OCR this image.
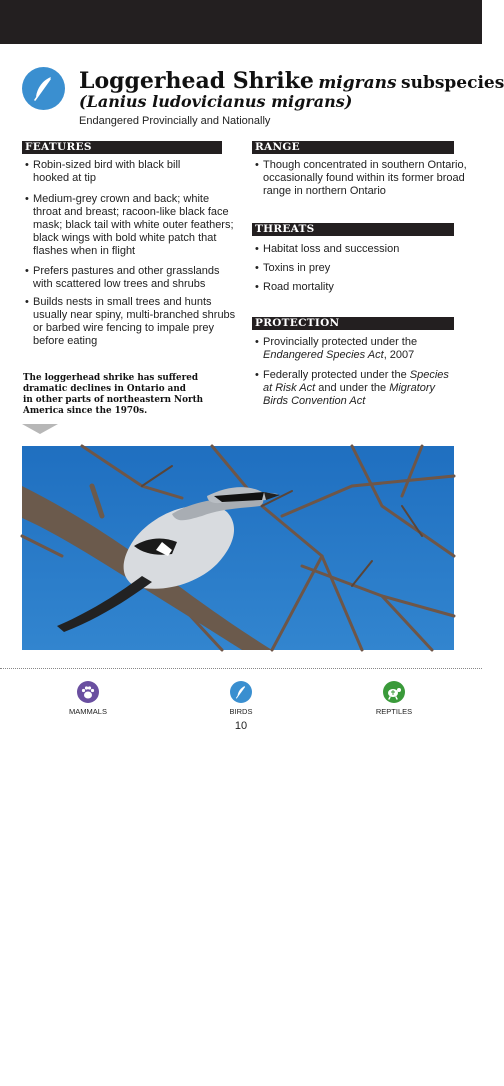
Loggerhead Shrike migrans subspecies
(Lanius ludovicianus migrans)
Endangered Provincially and Nationally
FEATURES
• Robin-sized bird with black bill
hooked at tip
• Medium-grey crown and back; white
throat and breast; racoon-like black face
mask; black tail with white outer feathers;
black wings with bold white patch that
flashes when in flight
• Prefers pastures and other grasslands
with scattered low trees and shrubs
• Builds nests in small trees and hunts
usually near spiny, multi-branched shrubs
or barbed wire fencing to impale prey
before eating
RANGE
• Though concentrated in southern Ontario,
occasionally found within its former broad
range in northern Ontario
THREATS
• Habitat loss and succession
• Toxins in prey
• Road mortality
PROTECTION
• Provincially protected under the
Endangered Species Act, 2007
• Federally protected under the Species
at Risk Act and under the Migratory
Birds Convention Act
The loggerhead shrike has suffered
dramatic declines in Ontario and
in other parts of northeastern North
America since the 1970s.
Laurie L Snidow/Shutterstock
MAMMALS	BIRDS	REPTILES
10
